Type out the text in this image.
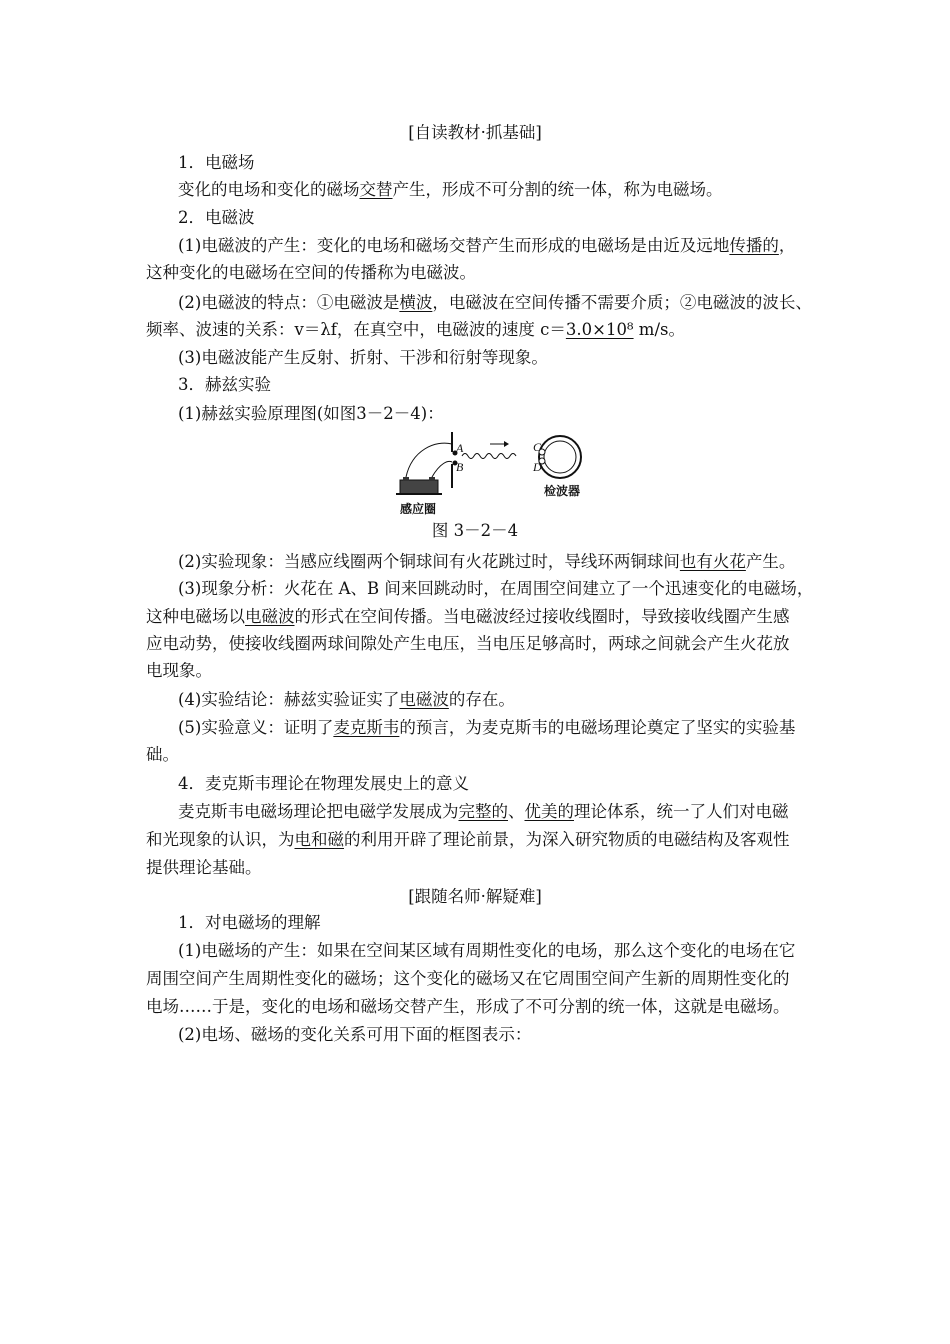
[自读教材·抓基础]
1．电磁场
变化的电场和变化的磁场交替产生，形成不可分割的统一体，称为电磁场。
2．电磁波
(1)电磁波的产生：变化的电场和磁场交替产生而形成的电磁场是由近及远地传播的，
这种变化的电磁场在空间的传播称为电磁波。
(2)电磁波的特点：①电磁波是横波，电磁波在空间传播不需要介质；②电磁波的波长、
频率、波速的关系：v＝λf，在真空中，电磁波的速度 c＝3.0×10⁸ m/s。
(3)电磁波能产生反射、折射、干涉和衍射等现象。
3．赫兹实验
(1)赫兹实验原理图(如图3－2－4)：
A
B
C
D
感应圈
检波器
图 3－2－4
(2)实验现象：当感应线圈两个铜球间有火花跳过时，导线环两铜球间也有火花产生。
(3)现象分析：火花在 A、B 间来回跳动时，在周围空间建立了一个迅速变化的电磁场，
这种电磁场以电磁波的形式在空间传播。当电磁波经过接收线圈时，导致接收线圈产生感
应电动势，使接收线圈两球间隙处产生电压，当电压足够高时，两球之间就会产生火花放
电现象。
(4)实验结论：赫兹实验证实了电磁波的存在。
(5)实验意义：证明了麦克斯韦的预言，为麦克斯韦的电磁场理论奠定了坚实的实验基
础。
4．麦克斯韦理论在物理发展史上的意义
麦克斯韦电磁场理论把电磁学发展成为完整的、优美的理论体系，统一了人们对电磁
和光现象的认识，为电和磁的利用开辟了理论前景，为深入研究物质的电磁结构及客观性
提供理论基础。
[跟随名师·解疑难]
1．对电磁场的理解
(1)电磁场的产生：如果在空间某区域有周期性变化的电场，那么这个变化的电场在它
周围空间产生周期性变化的磁场；这个变化的磁场又在它周围空间产生新的周期性变化的
电场……于是，变化的电场和磁场交替产生，形成了不可分割的统一体，这就是电磁场。
(2)电场、磁场的变化关系可用下面的框图表示：
